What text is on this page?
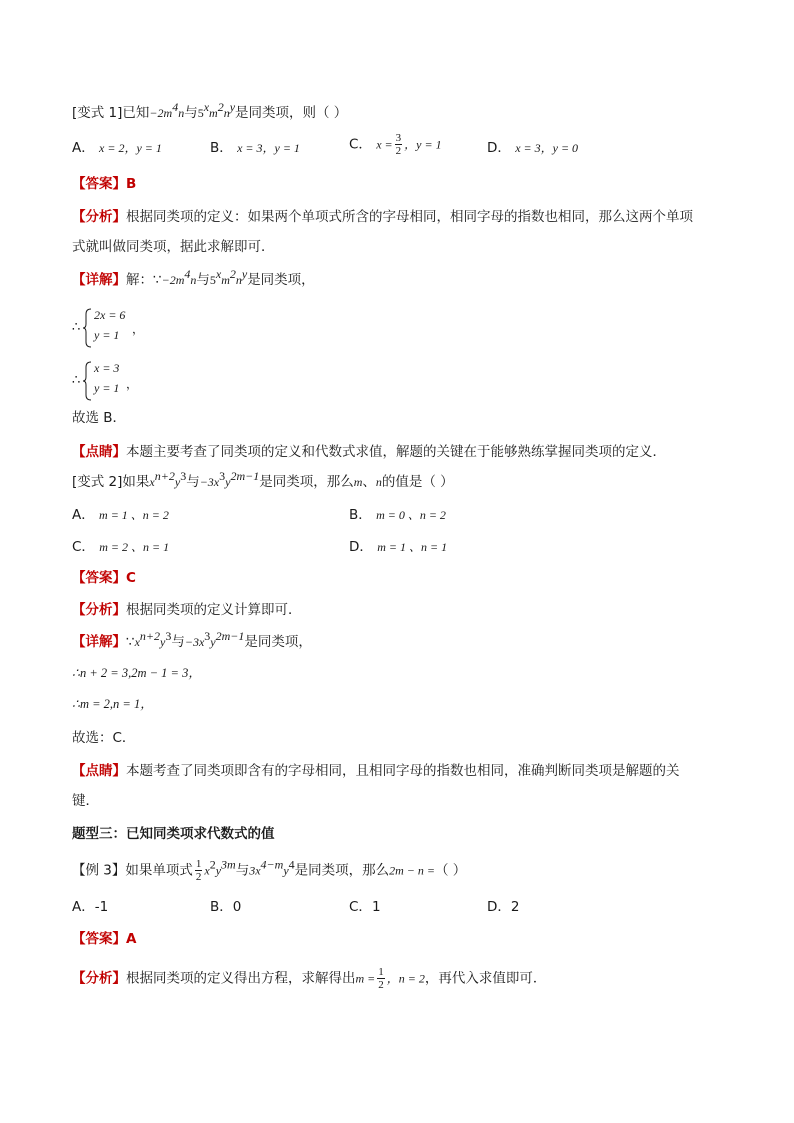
[变式 1]已知$-2m^4n$与$5^xm^2n^y$是同类项，则（ ）
A． x = 2，y = 1	B． x = 3，y = 1	C． $x = \frac{3}{2}$ ，y = 1	D． x = 3，y = 0
【答案】B
【分析】根据同类项的定义：如果两个单项式所含的字母相同，相同字母的指数也相同，那么这两个单项
式就叫做同类项，据此求解即可．
【详解】解：$\because-2m^4n$与$5^xm^2n^y$是同类项，
∴
2x = 6
y = 1 ，
∴
x = 3
y = 1 ，
故选 B．
【点睛】本题主要考查了同类项的定义和代数式求值，解题的关键在于能够熟练掌握同类项的定义．
[变式 2]如果$x^{n+2}y^3$与$-3x^3y^{2m-1}$是同类项，那么m、n的值是（ ）
A． m = 1 、n = 2	B． m = 0 、n = 2
C． m = 2 、n = 1	D． m = 1 、n = 1
【答案】C
【分析】根据同类项的定义计算即可．
【详解】$\because x^{n+2}y^3$与$-3x^3y^{2m-1}$是同类项，
∴n + 2 = 3,2m − 1 = 3，
∴m = 2,n = 1，
故选：C．
【点睛】本题考查了同类项即含有的字母相同，且相同字母的指数也相同，准确判断同类项是解题的关
键．
题型三：已知同类项求代数式的值
【例 3】如果单项式 $\frac{1}{2} x^2y^{3m}$与$3x^{4-m}y^4$是同类项，那么2m − n =（ ）
A．-1	B．0	C．1	D．2
【答案】A
【分析】根据同类项的定义得出方程，求解得出$m = \frac{1}{2}$ ，n = 2，再代入求值即可．
